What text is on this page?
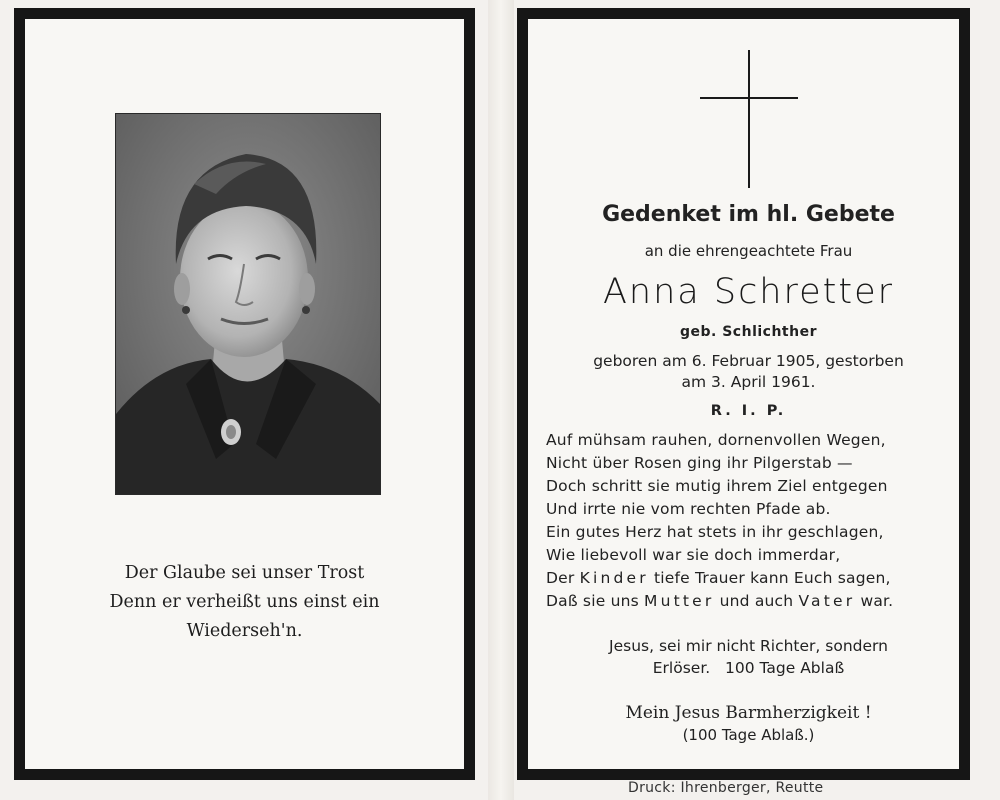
Der Glaube sei unser Trost
Denn er verheißt uns einst ein
Wiederseh'n.
Gedenket im hl. Gebete
an die ehrengeachtete Frau
Anna Schretter
geb. Schlichther
geboren am 6. Februar 1905, gestorben
am 3. April 1961.
R. I. P.
Auf mühsam rauhen, dornenvollen Wegen,
Nicht über Rosen ging ihr Pilgerstab —
Doch schritt sie mutig ihrem Ziel entgegen
Und irrte nie vom rechten Pfade ab.
Ein gutes Herz hat stets in ihr geschlagen,
Wie liebevoll war sie doch immerdar,
Der Kinder tiefe Trauer kann Euch sagen,
Daß sie uns Mutter und auch Vater war.
Jesus, sei mir nicht Richter, sondern
Erlöser.   100 Tage Ablaß
Mein Jesus Barmherzigkeit !
(100 Tage Ablaß.)
Druck: Ihrenberger, Reutte
